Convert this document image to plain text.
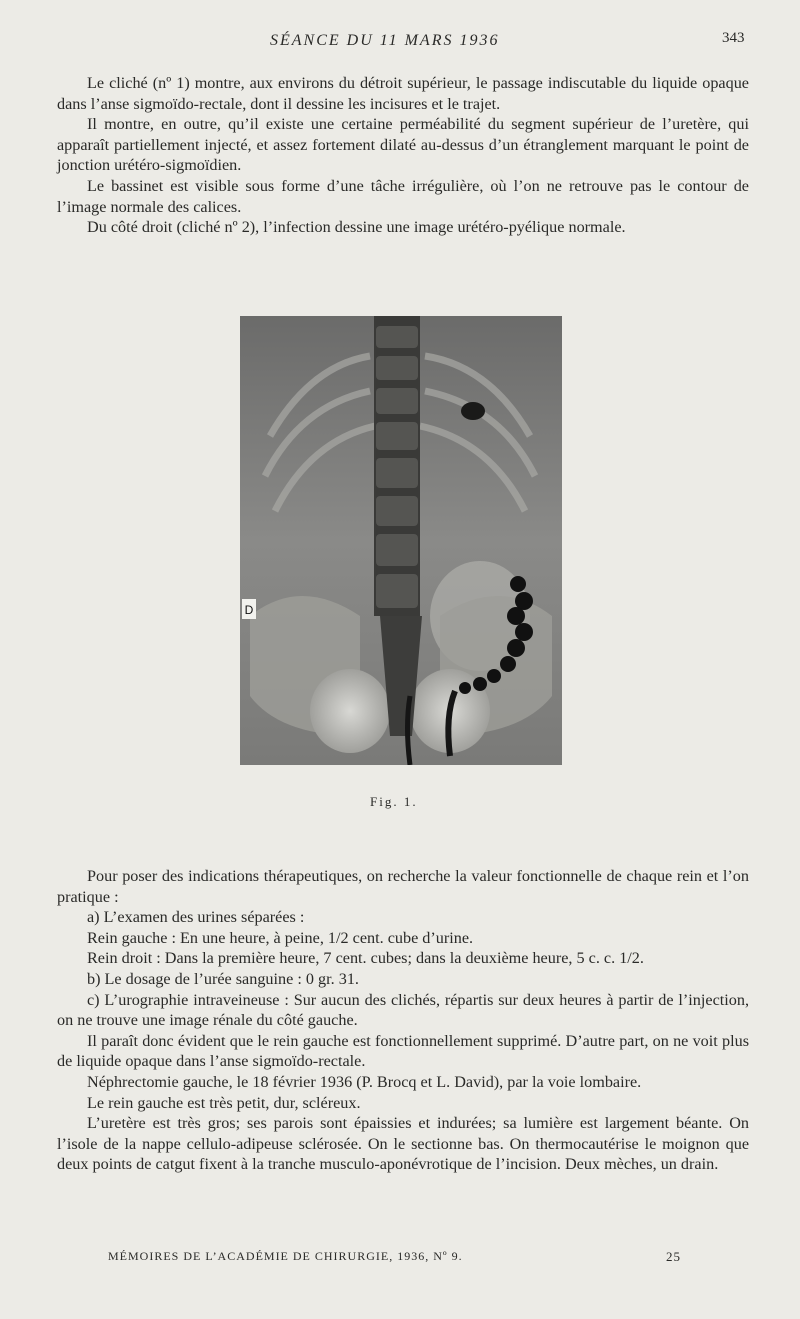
SÉANCE DU 11 MARS 1936	343

Le cliché (nº 1) montre, aux environs du détroit supérieur, le passage indiscutable du liquide opaque dans l’anse sigmoïdo-rectale, dont il dessine les incisures et le trajet.

Il montre, en outre, qu’il existe une certaine perméabilité du segment supérieur de l’uretère, qui apparaît partiellement injecté, et assez fortement dilaté au-dessus d’un étranglement marquant le point de jonction urétéro-sigmoïdien.

Le bassinet est visible sous forme d’une tâche irrégulière, où l’on ne retrouve pas le contour de l’image normale des calices.

Du côté droit (cliché nº 2), l’infection dessine une image urétéro-pyélique normale.

D
Fig. 1.

Pour poser des indications thérapeutiques, on recherche la valeur fonctionnelle de chaque rein et l’on pratique :

a) L’examen des urines séparées :

Rein gauche : En une heure, à peine, 1/2 cent. cube d’urine.

Rein droit : Dans la première heure, 7 cent. cubes; dans la deuxième heure, 5 c. c. 1/2.

b) Le dosage de l’urée sanguine : 0 gr. 31.

c) L’urographie intraveineuse : Sur aucun des clichés, répartis sur deux heures à partir de l’injection, on ne trouve une image rénale du côté gauche.

Il paraît donc évident que le rein gauche est fonctionnellement supprimé. D’autre part, on ne voit plus de liquide opaque dans l’anse sigmoïdo-rectale.

Néphrectomie gauche, le 18 février 1936 (P. Brocq et L. David), par la voie lombaire.

Le rein gauche est très petit, dur, scléreux.

L’uretère est très gros; ses parois sont épaissies et indurées; sa lumière est largement béante. On l’isole de la nappe cellulo-adipeuse sclérosée. On le sectionne bas. On thermocautérise le moignon que deux points de catgut fixent à la tranche musculo-aponévrotique de l’incision. Deux mèches, un drain.

MÉMOIRES DE L’ACADÉMIE DE CHIRURGIE, 1936, Nº 9.	25
